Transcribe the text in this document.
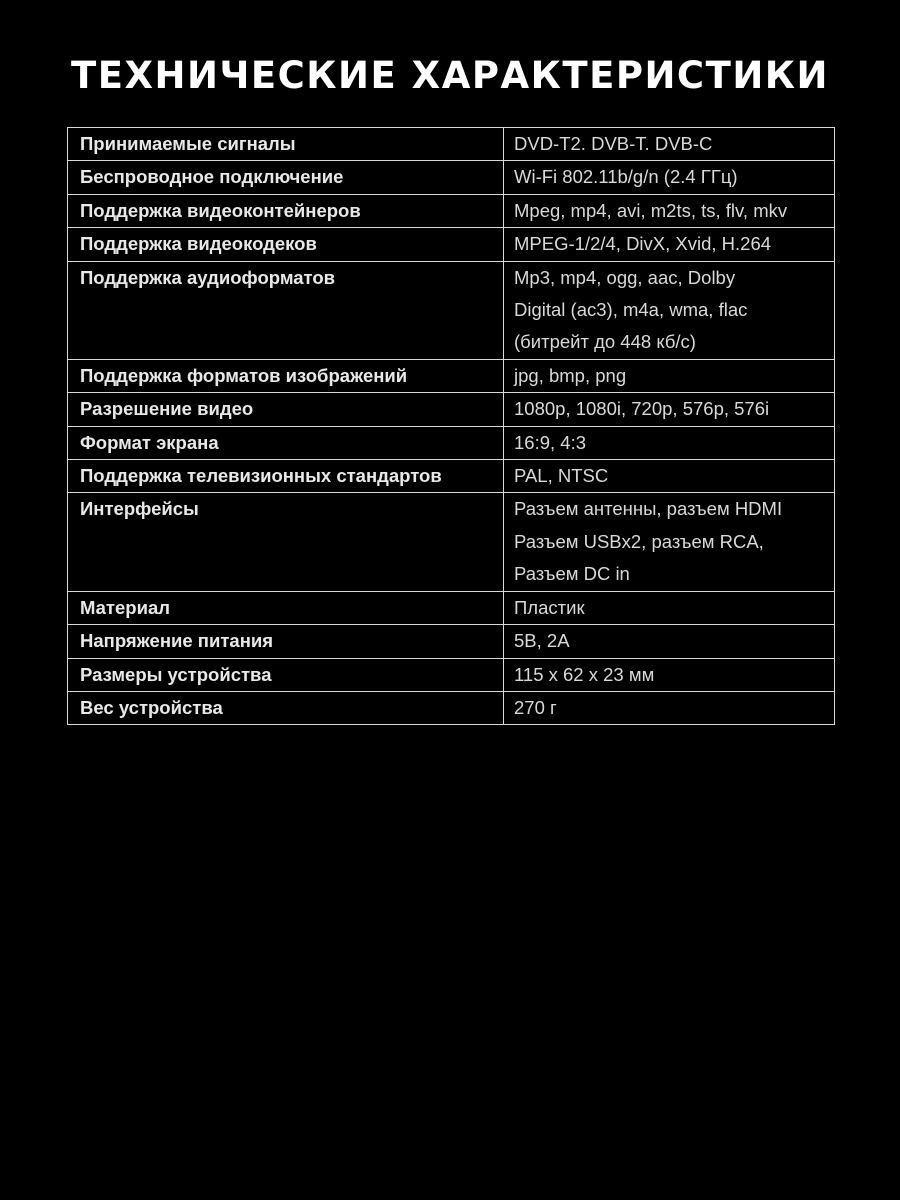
ТЕХНИЧЕСКИЕ ХАРАКТЕРИСТИКИ
Принимаемые сигналы	DVD-T2. DVB-T. DVB-C

Беспроводное подключение	Wi-Fi 802.11b/g/n (2.4 ГГц)

Поддержка видеоконтейнеров	Mpeg, mp4, avi, m2ts, ts, flv, mkv

Поддержка видеокодеков	MPEG-1/2/4, DivX, Xvid, H.264

Поддержка аудиоформатов	Mp3, mp4, ogg, aac, Dolby
Digital (ac3), m4a, wma, flac
(битрейт до 448 кб/с)

Поддержка форматов изображений	jpg, bmp, png

Разрешение видео	1080p, 1080i, 720p, 576p, 576i

Формат экрана	16:9, 4:3

Поддержка телевизионных стандартов	PAL, NTSC

Интерфейсы	Разъем антенны, разъем HDMI
Разъем USBx2, разъем RCA,
Разъем DC in

Материал	Пластик

Напряжение питания	5В, 2А

Размеры устройства	115 х 62 х 23 мм

Вес устройства	270 г
